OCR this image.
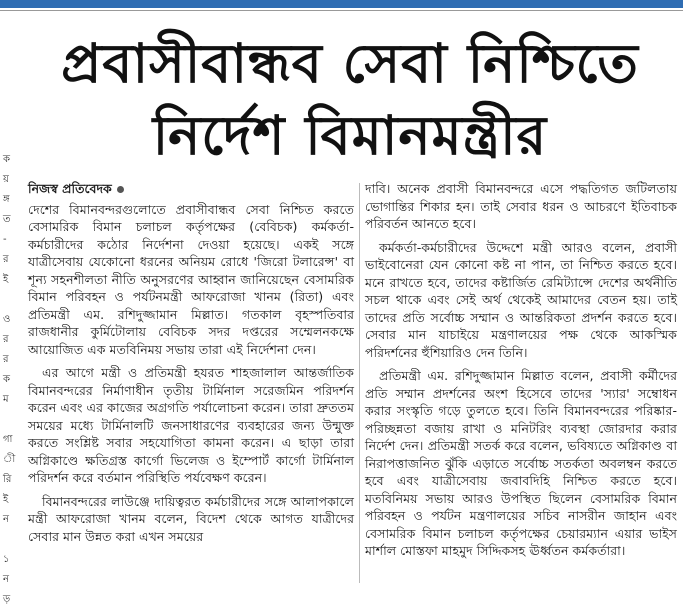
ক
য়
ঙ্গ
ত
-
র
ই
ও
র
র
ক
ম
গা
ী
রি
ই
ন
১
ন
ড়
প্রবাসীবান্ধব সেবা নিশ্চিতে
নির্দেশ বিমানমন্ত্রীর
নিজস্ব প্রতিবেদক

দেশের বিমানবন্দরগুলোতে প্রবাসীবান্ধব সেবা নিশ্চিত করতে বেসামরিক বিমান চলাচল কর্তৃপক্ষের (বেবিচক) কর্মকর্তা-কর্মচারীদের কঠোর নির্দেশনা দেওয়া হয়েছে। একই সঙ্গে যাত্রীসেবায় যেকোনো ধরনের অনিয়ম রোধে 'জিরো টলারেন্স' বা শূন্য সহনশীলতা নীতি অনুসরণের আহ্বান জানিয়েছেন বেসামরিক বিমান পরিবহন ও পর্যটনমন্ত্রী আফরোজা খানম (রিতা) এবং প্রতিমন্ত্রী এম. রশিদুজ্জামান মিল্লাত। গতকাল বৃহস্পতিবার রাজধানীর কুর্মিটোলায় বেবিচক সদর দপ্তরের সম্মেলনকক্ষে আয়োজিত এক মতবিনিময় সভায় তারা এই নির্দেশনা দেন।

এর আগে মন্ত্রী ও প্রতিমন্ত্রী হযরত শাহজালাল আন্তর্জাতিক বিমানবন্দরের নির্মাণাধীন তৃতীয় টার্মিনাল সরেজমিন পরিদর্শন করেন এবং এর কাজের অগ্রগতি পর্যালোচনা করেন। তারা দ্রুততম সময়ের মধ্যে টার্মিনালটি জনসাধারণের ব্যবহারের জন্য উন্মুক্ত করতে সংশ্লিষ্ট সবার সহযোগিতা কামনা করেন। এ ছাড়া তারা অগ্নিকাণ্ডে ক্ষতিগ্রস্ত কার্গো ভিলেজ ও ইম্পোর্ট কার্গো টার্মিনাল পরিদর্শন করে বর্তমান পরিস্থিতি পর্যবেক্ষণ করেন।

বিমানবন্দরের লাউঞ্জে দায়িত্বরত কর্মচারীদের সঙ্গে আলাপকালে মন্ত্রী আফরোজা খানম বলেন, বিদেশ থেকে আগত যাত্রীদের সেবার মান উন্নত করা এখন সময়ের

দাবি। অনেক প্রবাসী বিমানবন্দরে এসে পদ্ধতিগত জটিলতায় ভোগান্তির শিকার হন। তাই সেবার ধরন ও আচরণে ইতিবাচক পরিবর্তন আনতে হবে।

কর্মকর্তা-কর্মচারীদের উদ্দেশে মন্ত্রী আরও বলেন, প্রবাসী ভাইবোনেরা যেন কোনো কষ্ট না পান, তা নিশ্চিত করতে হবে। মনে রাখতে হবে, তাদের কষ্টার্জিত রেমিট্যান্সে দেশের অর্থনীতি সচল থাকে এবং সেই অর্থ থেকেই আমাদের বেতন হয়। তাই তাদের প্রতি সর্বোচ্চ সম্মান ও আন্তরিকতা প্রদর্শন করতে হবে। সেবার মান যাচাইয়ে মন্ত্রণালয়ের পক্ষ থেকে আকস্মিক পরিদর্শনের হুঁশিয়ারিও দেন তিনি।

প্রতিমন্ত্রী এম. রশিদুজ্জামান মিল্লাত বলেন, প্রবাসী কর্মীদের প্রতি সম্মান প্রদর্শনের অংশ হিসেবে তাদের 'স্যার' সম্বোধন করার সংস্কৃতি গড়ে তুলতে হবে। তিনি বিমানবন্দরের পরিষ্কার-পরিচ্ছন্নতা বজায় রাখা ও মনিটরিং ব্যবস্থা জোরদার করার নির্দেশ দেন। প্রতিমন্ত্রী সতর্ক করে বলেন, ভবিষ্যতে অগ্নিকাণ্ড বা নিরাপত্তাজনিত ঝুঁকি এড়াতে সর্বোচ্চ সতর্কতা অবলম্বন করতে হবে এবং যাত্রীসেবায় জবাবদিহি নিশ্চিত করতে হবে। মতবিনিময় সভায় আরও উপস্থিত ছিলেন বেসামরিক বিমান পরিবহন ও পর্যটন মন্ত্রণালয়ের সচিব নাসরীন জাহান এবং বেসামরিক বিমান চলাচল কর্তৃপক্ষের চেয়ারম্যান এয়ার ভাইস মার্শাল মোস্তফা মাহমুদ সিদ্দিকসহ ঊর্ধ্বতন কর্মকর্তারা।
